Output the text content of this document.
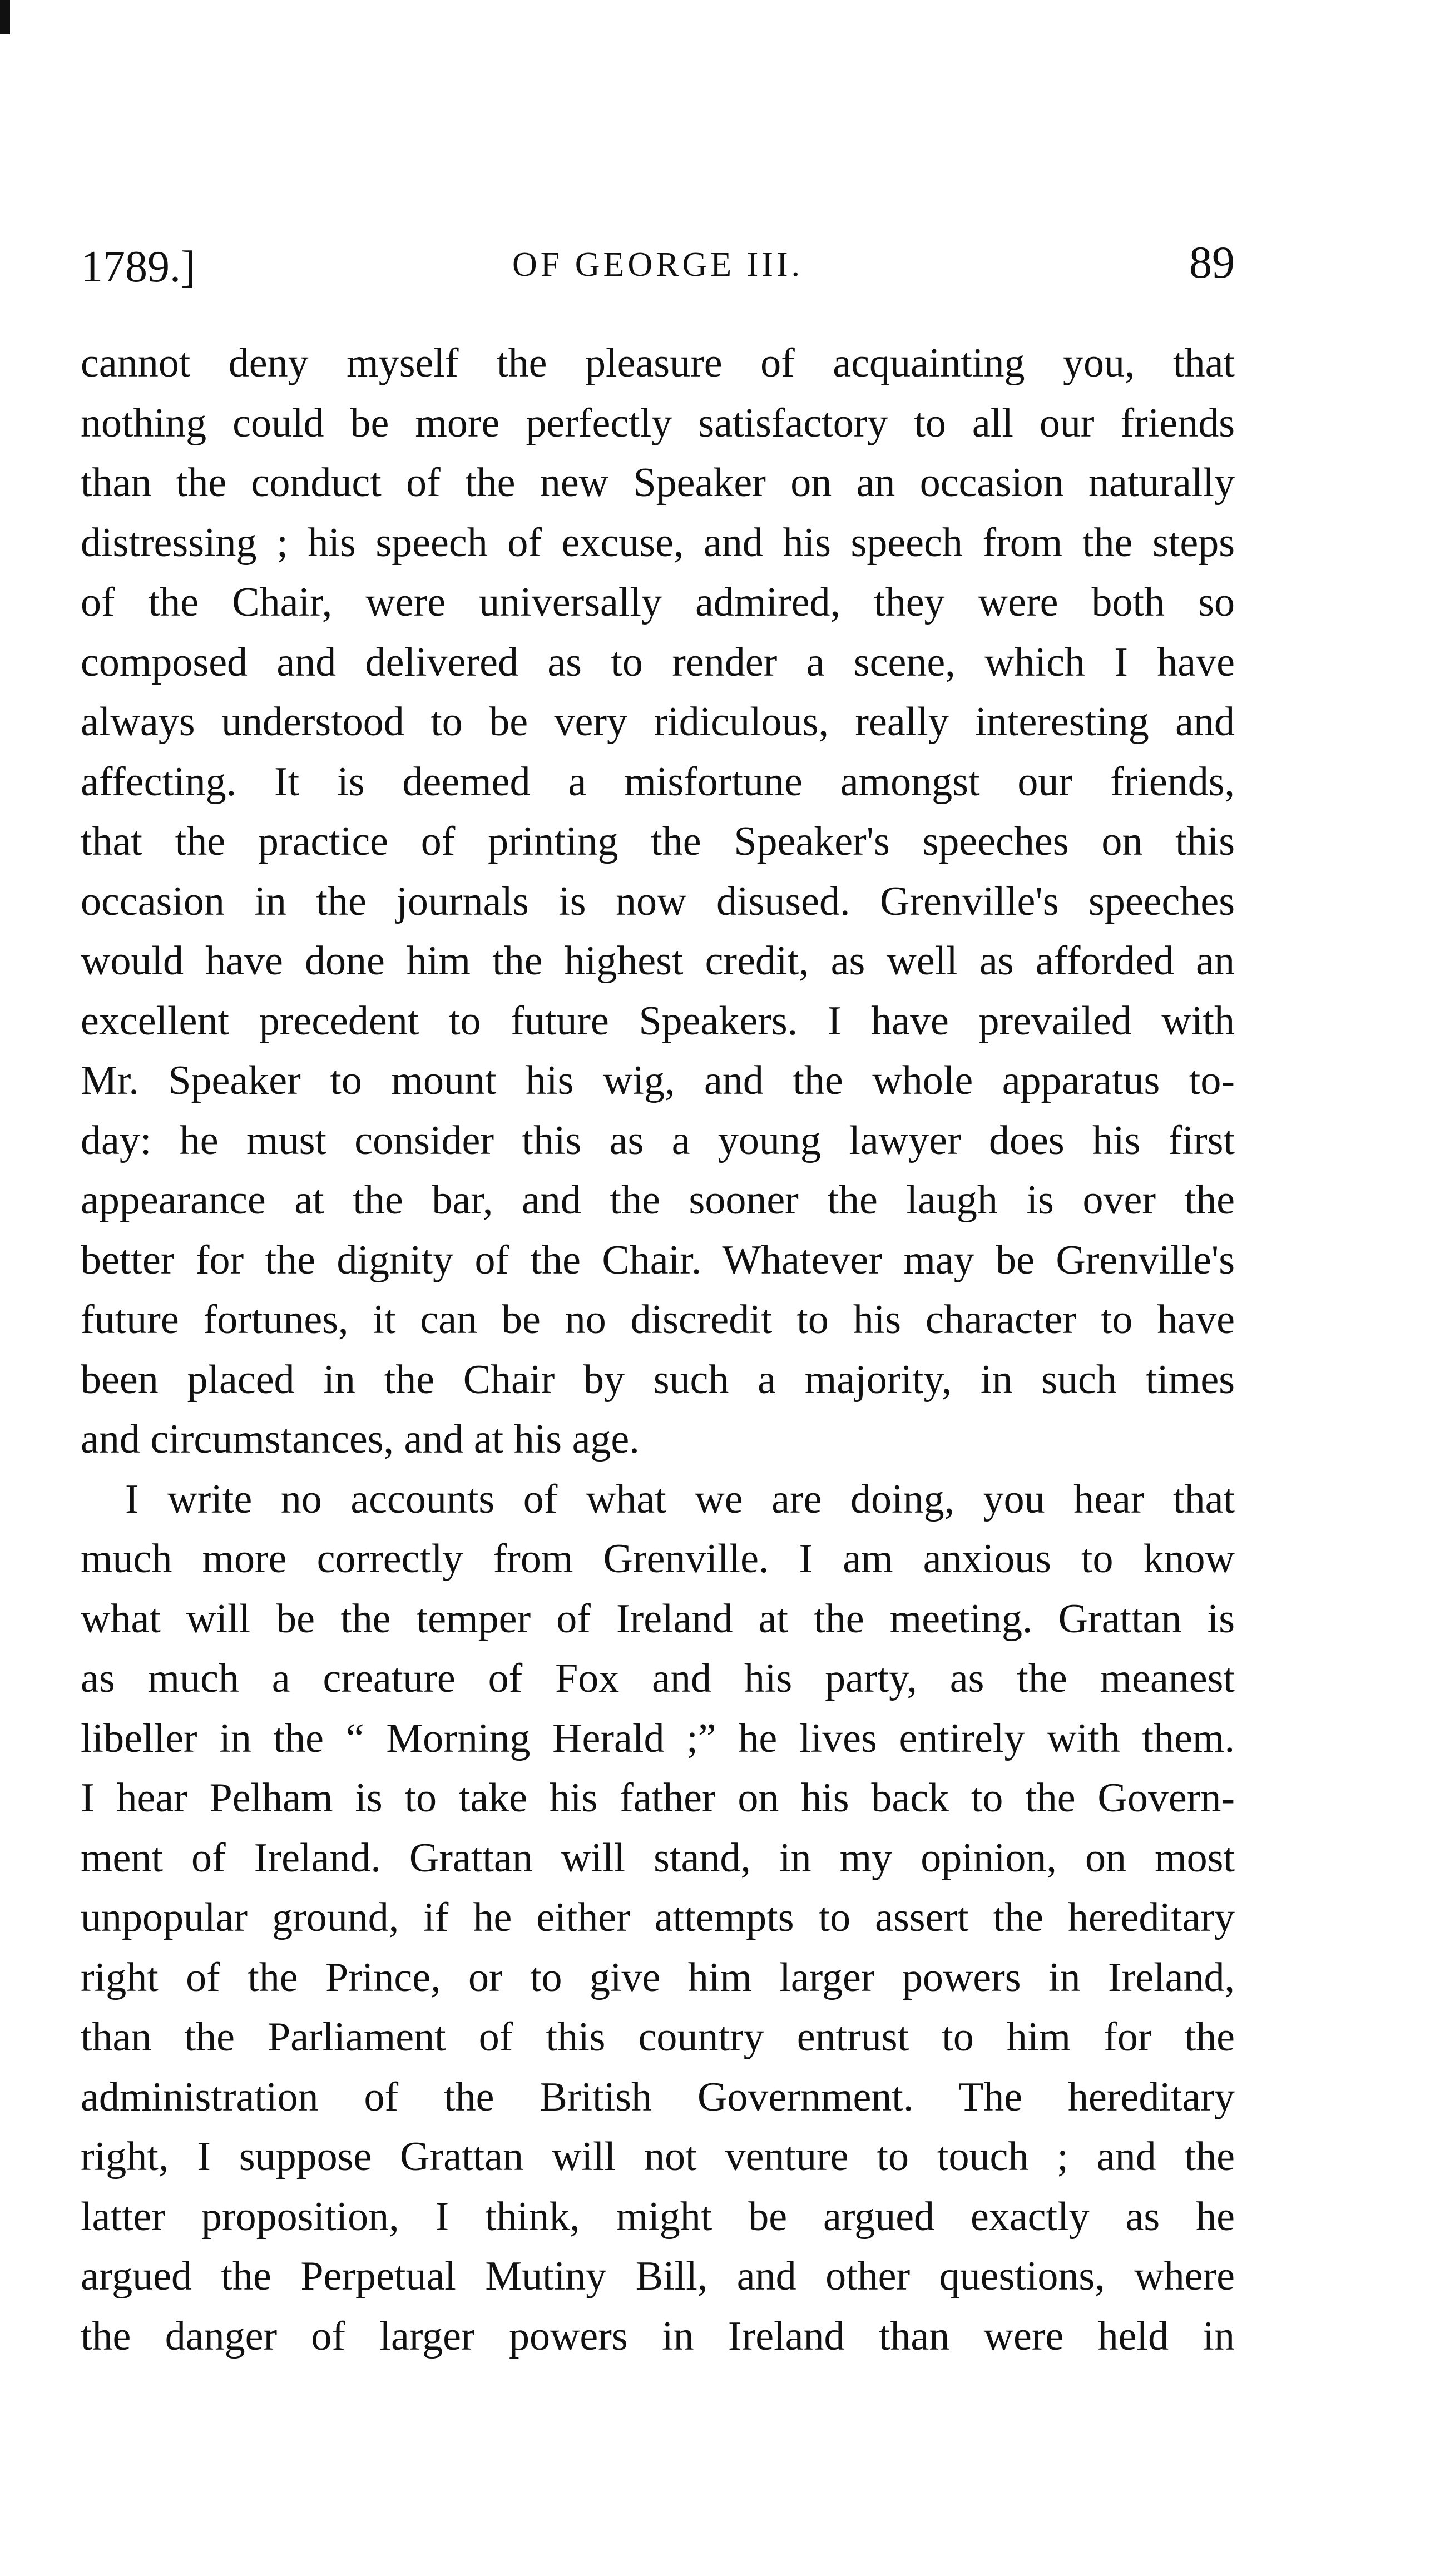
1789.]	OF GEORGE III.	89
cannot deny myself the pleasure of acquainting you, that
nothing could be more perfectly satisfactory to all our friends
than the conduct of the new Speaker on an occasion naturally
distressing ; his speech of excuse, and his speech from the steps
of the Chair, were universally admired, they were both so
composed and delivered as to render a scene, which I have
always understood to be very ridiculous, really interesting and
affecting. It is deemed a misfortune amongst our friends,
that the practice of printing the Speaker's speeches on this
occasion in the journals is now disused. Grenville's speeches
would have done him the highest credit, as well as afforded an
excellent precedent to future Speakers. I have prevailed with
Mr. Speaker to mount his wig, and the whole apparatus to-
day: he must consider this as a young lawyer does his first
appearance at the bar, and the sooner the laugh is over the
better for the dignity of the Chair. Whatever may be Grenville's
future fortunes, it can be no discredit to his character to have
been placed in the Chair by such a majority, in such times
and circumstances, and at his age.
I write no accounts of what we are doing, you hear that
much more correctly from Grenville. I am anxious to know
what will be the temper of Ireland at the meeting. Grattan is
as much a creature of Fox and his party, as the meanest
libeller in the “ Morning Herald ;” he lives entirely with them.
I hear Pelham is to take his father on his back to the Govern-
ment of Ireland. Grattan will stand, in my opinion, on most
unpopular ground, if he either attempts to assert the hereditary
right of the Prince, or to give him larger powers in Ireland,
than the Parliament of this country entrust to him for the
administration of the British Government. The hereditary
right, I suppose Grattan will not venture to touch ; and the
latter proposition, I think, might be argued exactly as he
argued the Perpetual Mutiny Bill, and other questions, where
the danger of larger powers in Ireland than were held in
